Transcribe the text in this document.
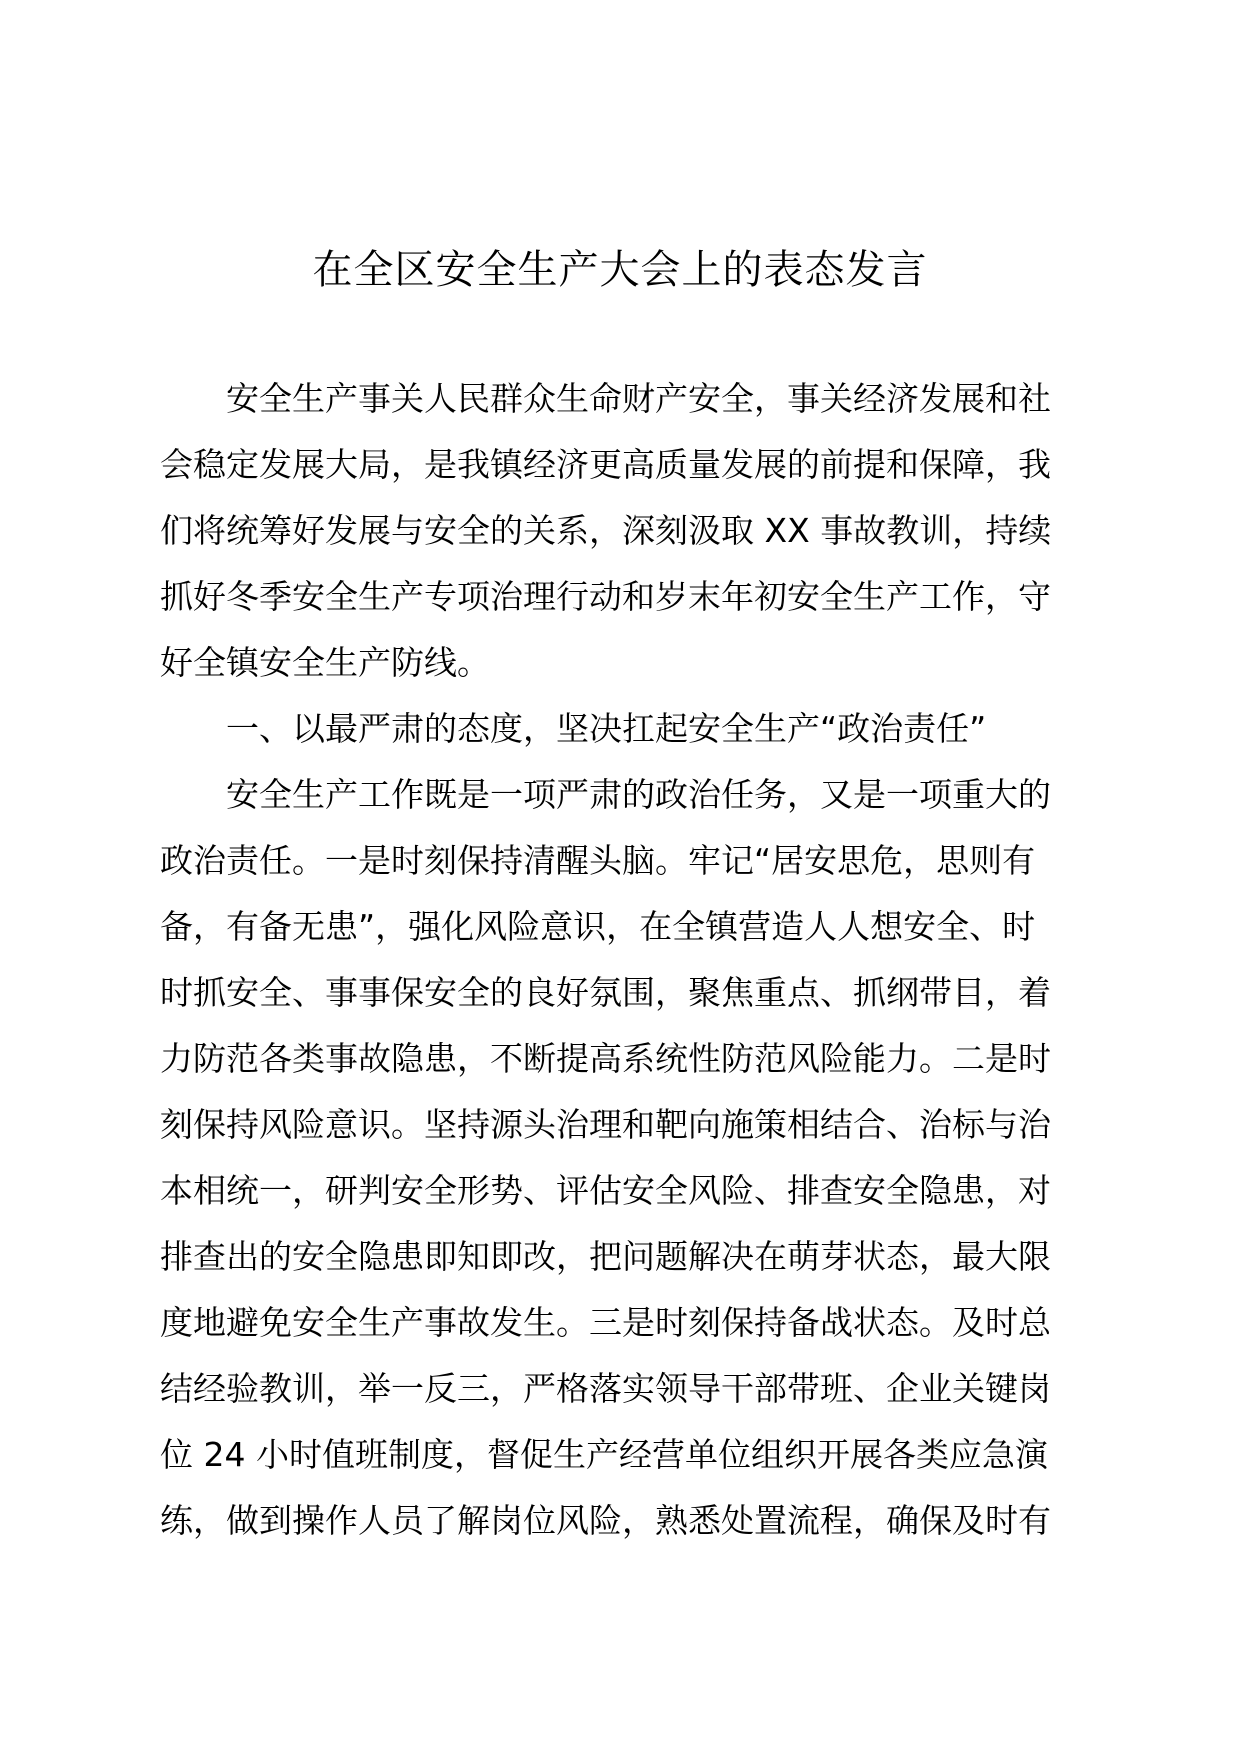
在全区安全生产大会上的表态发言
安全生产事关人民群众生命财产安全，事关经济发展和社
会稳定发展大局，是我镇经济更高质量发展的前提和保障，我
们将统筹好发展与安全的关系，深刻汲取 XX 事故教训，持续
抓好冬季安全生产专项治理行动和岁末年初安全生产工作，守
好全镇安全生产防线。
一、以最严肃的态度，坚决扛起安全生产“政治责任”
安全生产工作既是一项严肃的政治任务，又是一项重大的
政治责任。一是时刻保持清醒头脑。牢记“居安思危，思则有
备，有备无患”，强化风险意识，在全镇营造人人想安全、时
时抓安全、事事保安全的良好氛围，聚焦重点、抓纲带目，着
力防范各类事故隐患，不断提高系统性防范风险能力。二是时
刻保持风险意识。坚持源头治理和靶向施策相结合、治标与治
本相统一，研判安全形势、评估安全风险、排查安全隐患，对
排查出的安全隐患即知即改，把问题解决在萌芽状态，最大限
度地避免安全生产事故发生。三是时刻保持备战状态。及时总
结经验教训，举一反三，严格落实领导干部带班、企业关键岗
位 24 小时值班制度，督促生产经营单位组织开展各类应急演
练，做到操作人员了解岗位风险，熟悉处置流程，确保及时有
